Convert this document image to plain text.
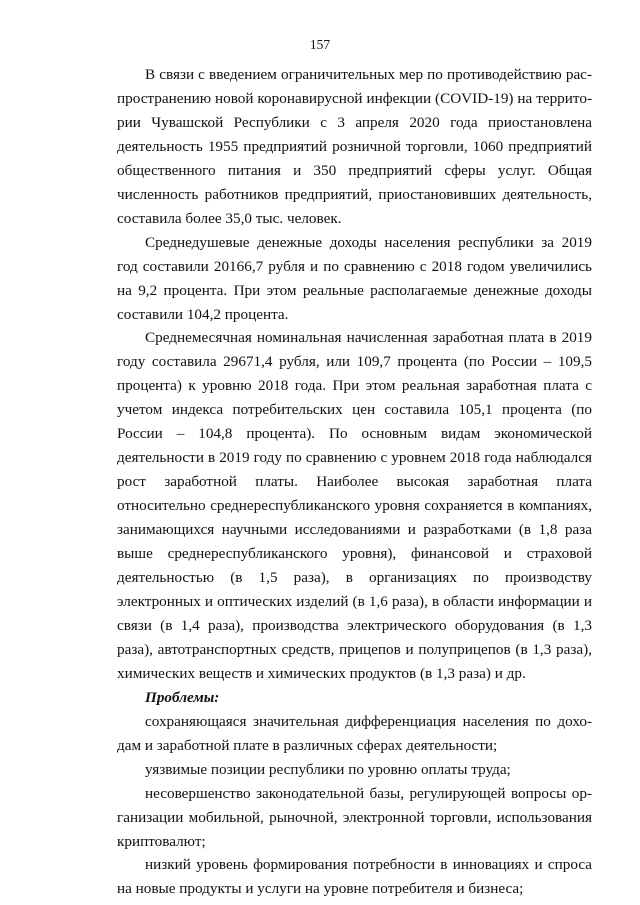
157

В связи с введением ограничительных мер по противодействию распространению новой коронавирусной инфекции (COVID-19) на территории Чувашской Республики с 3 апреля 2020 года приостановлена деятельность 1955 предприятий розничной торговли, 1060 предприятий общественного питания и 350 предприятий сферы услуг. Общая численность работников предприятий, приостановивших деятельность, составила более 35,0 тыс. человек.

Среднедушевые денежные доходы населения республики за 2019 год составили 20166,7 рубля и по сравнению с 2018 годом увеличились на 9,2 процента. При этом реальные располагаемые денежные доходы составили 104,2 процента.

Среднемесячная номинальная начисленная заработная плата в 2019 году составила 29671,4 рубля, или 109,7 процента (по России – 109,5 процента) к уровню 2018 года. При этом реальная заработная плата с учетом индекса потребительских цен составила 105,1 процента (по России – 104,8 процента). По основным видам экономической деятельности в 2019 году по сравнению с уровнем 2018 года наблюдался рост заработной платы. Наиболее высокая заработная плата относительно среднереспубликанского уровня сохраняется в компаниях, занимающихся научными исследованиями и разработками (в 1,8 раза выше среднереспубликанского уровня), финансовой и страховой деятельностью (в 1,5 раза), в организациях по производству электронных и оптических изделий (в 1,6 раза), в области информации и связи (в 1,4 раза), производства электрического оборудования (в 1,3 раза), автотранспортных средств, прицепов и полуприцепов (в 1,3 раза), химических веществ и химических продуктов (в 1,3 раза) и др.

Проблемы:

сохраняющаяся значительная дифференциация населения по доходам и заработной плате в различных сферах деятельности;

уязвимые позиции республики по уровню оплаты труда;

несовершенство законодательной базы, регулирующей вопросы организации мобильной, рыночной, электронной торговли, использования криптовалют;

низкий уровень формирования потребности в инновациях и спроса на новые продукты и услуги на уровне потребителя и бизнеса;
